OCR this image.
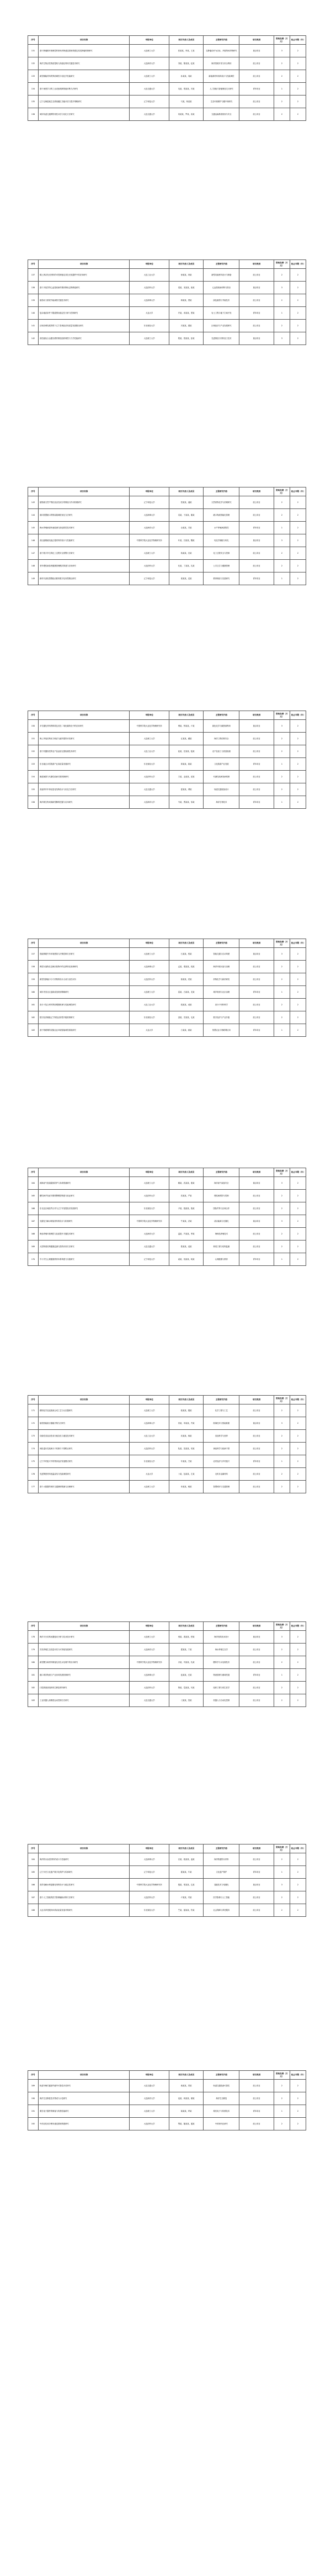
序号	项目名称	申报单位	项目负责人及成员	主要研究内容	项目类别	资助经费（万元）	起止年限（年）
131	基于肿瘤微环境调控的纳米药物递送系统构建及其抗肿瘤机制研究	大连理工大学	张某某，李某，王某	以肿瘤治疗为目标，开展纳米药物研究	重点项目	3	2
132	海洋生物活性物质提取与高值化利用关键技术研究	大连海洋大学	刘某，陈某某，赵某	海洋资源开发与综合利用	面上项目	2	2
133	新型储能材料的界面调控与电化学性能研究	大连理工大学	孙某某，周某	新能源材料结构设计与性能调控	面上项目	2	2
134	基于深度学习的工业设备故障智能诊断方法研究	大连交通大学	吴某，郑某某，冯某	人工智能与智能制造交叉研究	青年项目	1	2
135	辽宁沿海湿地生态系统碳汇功能评估与提升策略研究	辽宁师范大学	马某，杨某某	生态环境保护与碳中和研究	面上项目	2	2
136	城市轨道交通网络韧性评估与优化方法研究	大连交通大学	何某某，罗某，高某	交通运输系统规划与安全	面上项目	2	2
序号	项目名称	申报单位	项目负责人及成员	主要研究内容	项目类别	资助经费（万元）	起止年限（年）
137	稀土掺杂发光材料的可控制备及其在光电器件中的应用研究	大连工业大学	徐某某，林某	新型功能材料设计与制备	面上项目	2	2
138	基于多组学的心血管疾病早期诊断标志物筛选研究	大连医科大学	梁某，宋某某，唐某	心血管疾病诊断与防治	重点项目	3	2
139	船舶动力系统节能减排关键技术研究	大连海事大学	韩某某，曹某	绿色船舶与节能技术	面上项目	2	2
140	复杂地质条件下隧道围岩稳定性分析与控制研究	大连大学	许某，邓某某，萧某	岩土工程与地下空间开发	青年项目	1	2
141	区域协调发展背景下辽宁县域经济高质量发展路径研究	东北财经大学	冯某某，董某	区域经济与产业发展研究	面上项目	2	2
142	高性能钛合金激光增材制造组织调控与力学性能研究	大连理工大学	程某，曾某某，彭某	先进制造与材料加工技术	重点项目	3	2
序号	项目名称	申报单位	项目负责人及成员	主要研究内容	项目类别	资助经费（万元）	起止年限（年）
143	植物源天然产物抗炎活性成分的筛选与作用机理研究	辽宁师范大学	蔡某某，潘某	天然药物化学与药理研究	面上项目	2	2
144	面向智慧港口的集装箱调度优化方法研究	大连海事大学	袁某，于某某，董某	港口物流智能化管理	面上项目	2	2
145	海水养殖病害快速检测与绿色防控技术研究	大连海洋大学	余某某，苏某	水产养殖病害防控	青年项目	1	2
146	高比能锂硫电池正极材料的设计与性能研究	中国科学院大连化学物理研究所	叶某，吕某某，魏某	电化学储能与转化	重点项目	3	2
147	基于数字孪生的化工过程安全预警方法研究	大连理工大学	蒋某某，田某	化工过程安全与控制	面上项目	2	2
148	老年慢性病患者健康管理模式构建与应用研究	大连医科大学	杜某，丁某某，沈某	公共卫生与健康管理	面上项目	2	2
149	新时代高校思想政治教育数字化转型路径研究	辽宁师范大学	姜某某，范某	教育理论与实践研究	青年项目	1	2
序号	项目名称	申报单位	项目负责人及成员	主要研究内容	项目类别	资助经费（万元）	起止年限（年）
150	多孔催化材料的构筑及其在二氧化碳转化中的应用研究	中国科学院大连化学物理研究所	傅某，钟某某，卢某	绿色化学与碳资源利用	重点项目	3	2
151	海上风电结构动力响应与疲劳损伤评估研究	大连理工大学	汪某某，戴某	海洋工程结构安全	面上项目	2	2
152	基于机器视觉的农产品品质无损检测技术研究	大连工业大学	崔某，任某某，陆某	农产品加工与质量检测	面上项目	2	2
153	东北地区冰雪旅游产业高质量发展研究	东北财经大学	廖某某，姚某	文化旅游产业发展	青年项目	1	2
154	肠道菌群与代谢性疾病关联机制研究	大连医科大学	方某，金某某，邱某	代谢性疾病发病机制	面上项目	2	2
155	高速列车车体轻量化结构设计与优化方法研究	大连交通大学	夏某某，谭某	轨道交通装备设计	面上项目	2	2
156	海洋微生物来源新型酶的挖掘与应用研究	大连海洋大学	韦某，贾某某，邹某	海洋生物技术	青年项目	1	2
序号	项目名称	申报单位	项目负责人及成员	主要研究内容	项目类别	资助经费（万元）	起止年限（年）
157	智能网联汽车环境感知与决策控制方法研究	大连理工大学	石某某，熊某	智能交通与自动驾驶	重点项目	3	2
158	典型污染物在近海沉积物中的迁移转化规律研究	大连海事大学	孟某，秦某某，阎某	海洋环境污染与治理	面上项目	2	2
159	新型抗肿瘤小分子药物的设计合成与活性评价	大连医科大学	薛某某，侯某	药物化学与新药研发	面上项目	2	2
160	城市老旧社区更新改造规划策略研究	大连理工大学	雷某，白某某，龙某	城乡规划与社区治理	青年项目	1	2
161	高分子复合材料界面增强机理与性能调控研究	大连工业大学	段某某，郝某	高分子材料科学	面上项目	2	2
162	数字经济赋能辽宁制造业转型升级机制研究	东北财经大学	邵某，史某某，毛某	数字经济与产业升级	面上项目	2	2
163	基于物联网的设施农业环境智能调控系统研究	大连大学	万某某，顾某	智慧农业与物联网应用	青年项目	1	2
序号	项目名称	申报单位	项目负责人及成员	主要研究内容	项目类别	资助经费（万元）	起止年限（年）
164	深海油气管道腐蚀防护与寿命预测研究	大连理工大学	赖某，武某某，康某	海洋油气装备安全	重点项目	3	2
165	糖尿病并发症早期预警模型构建与验证研究	大连医科大学	贺某某，严某	慢性病预防与控制	面上项目	2	2
166	东北亚区域经贸合作与辽宁开放型经济发展研究	东北财经大学	尹某，钱某某，施某	国际贸易与区域合作	面上项目	2	2
167	光催化分解水制氢材料的设计与机理研究	中国科学院大连化学物理研究所	牛某某，洪某	清洁能源与光催化	重点项目	3	2
168	海参养殖环境调控与品质提升关键技术研究	大连海洋大学	温某，芦某某，季某	海珍品养殖技术	面上项目	2	2
169	大型桥梁结构健康监测与损伤识别方法研究	大连交通大学	焦某某，莫某	桥梁工程与结构监测	面上项目	2	2
170	中小学生心理健康教育体系构建与实践研究	辽宁师范大学	俞某，祝某某，柯某	心理健康与教育	青年项目	1	2
序号	项目名称	申报单位	项目负责人及成员	主要研究内容	项目类别	资助经费（万元）	起止年限（年）
171	精细化学品连续流合成工艺与反应器研究	大连理工大学	骆某某，滕某	化学工程与工艺	面上项目	2	2
172	船舶智能航行避碰决策方法研究	大连海事大学	常某，申某某，齐某	航海技术与智能船舶	重点项目	3	2
173	功能性食品活性成分稳态化与递送技术研究	大连工业大学	向某某，柴某	食品科学与营养	面上项目	2	2
174	神经退行性疾病分子机制与干预靶点研究	大连医科大学	阮某，苗某某，项某	神经科学与疾病干预	面上项目	2	2
175	辽宁乡村振兴中的集体经济发展模式研究	东北财经大学	车某某，甘某	农村经济与乡村振兴	青年项目	1	2
176	先进陶瓷材料低温烧结与性能调控研究	大连大学	卜某，包某某，左某	无机非金属材料	面上项目	2	2
177	基于大数据的城市交通拥堵预测与治理研究	大连理工大学	单某某，喻某	智慧城市与交通管理	面上项目	2	2
序号	项目名称	申报单位	项目负责人及成员	主要研究内容	项目类别	资助经费（万元）	起止年限（年）
178	海洋平台结构冰激振动分析与抗冰设计研究	大连理工大学	邢某，裴某某，舒某	海洋结构抗冰设计	重点项目	3	2
179	贝类养殖生态容量评估与可持续发展研究	大连海洋大学	霍某某，宁某	海水养殖生态学	面上项目	2	2
180	新型膜分离材料制备及其在水处理中的应用研究	中国科学院大连化学物理研究所	乔某，司某某，仇某	膜科学与水处理技术	面上项目	2	2
181	港口城市物流与产业协同发展机制研究	大连海事大学	蓝某某，岳某	物流管理与港城发展	青年项目	1	2
182	口腔颌面部组织再生修复材料研究	大连医科大学	鲁某，葛某某，闫某	组织工程与再生医学	面上项目	2	2
183	工业机器人高精度运动控制方法研究	大连交通大学	刁某某，管某	机器人与自动化控制	面上项目	2	2
序号	项目名称	申报单位	项目负责人及成员	主要研究内容	项目类别	资助经费（万元）	起止年限（年）
184	海洋防污涂层材料的设计与性能研究	大连海事大学	应某，欧某某，凌某	海洋防腐防污材料	面上项目	2	2
185	辽宁历史文化遗产数字化保护与传承研究	辽宁师范大学	霍某某，毕某	文化遗产保护	青年项目	1	2
186	高效电解水制氢催化剂的设计与稳定性研究	中国科学院大连化学物理研究所	殷某，邬某某，边某	氢能技术与电催化	重点项目	3	2
187	基于人工智能的医学影像辅助诊断方法研究	大连医科大学	卢某某，巩某	医学影像与人工智能	面上项目	2	2
188	大连市养老服务体系高质量发展对策研究	东北财经大学	竺某，晏某某，符某	社会保障与养老服务	面上项目	2	2
序号	项目名称	申报单位	项目负责人及成员	主要研究内容	项目类别	资助经费（万元）	起止年限（年）
189	轨道车辆关键部件疲劳可靠性评估研究	大连交通大学	桑某某，景某	轨道交通装备可靠性	面上项目	2	2
190	海洋生态修复技术集成与示范研究	大连海洋大学	池某，尚某某，储某	海洋生态修复	面上项目	2	2
191	柔性电子器件的制备与传感性能研究	大连理工大学	闻某某，牟某	柔性电子与传感技术	青年项目	1	2
192	中药活性成分靶向递送系统构建研究	大连医科大学	鄂某，隆某某，通某	中药现代化研究	面上项目	2	2
